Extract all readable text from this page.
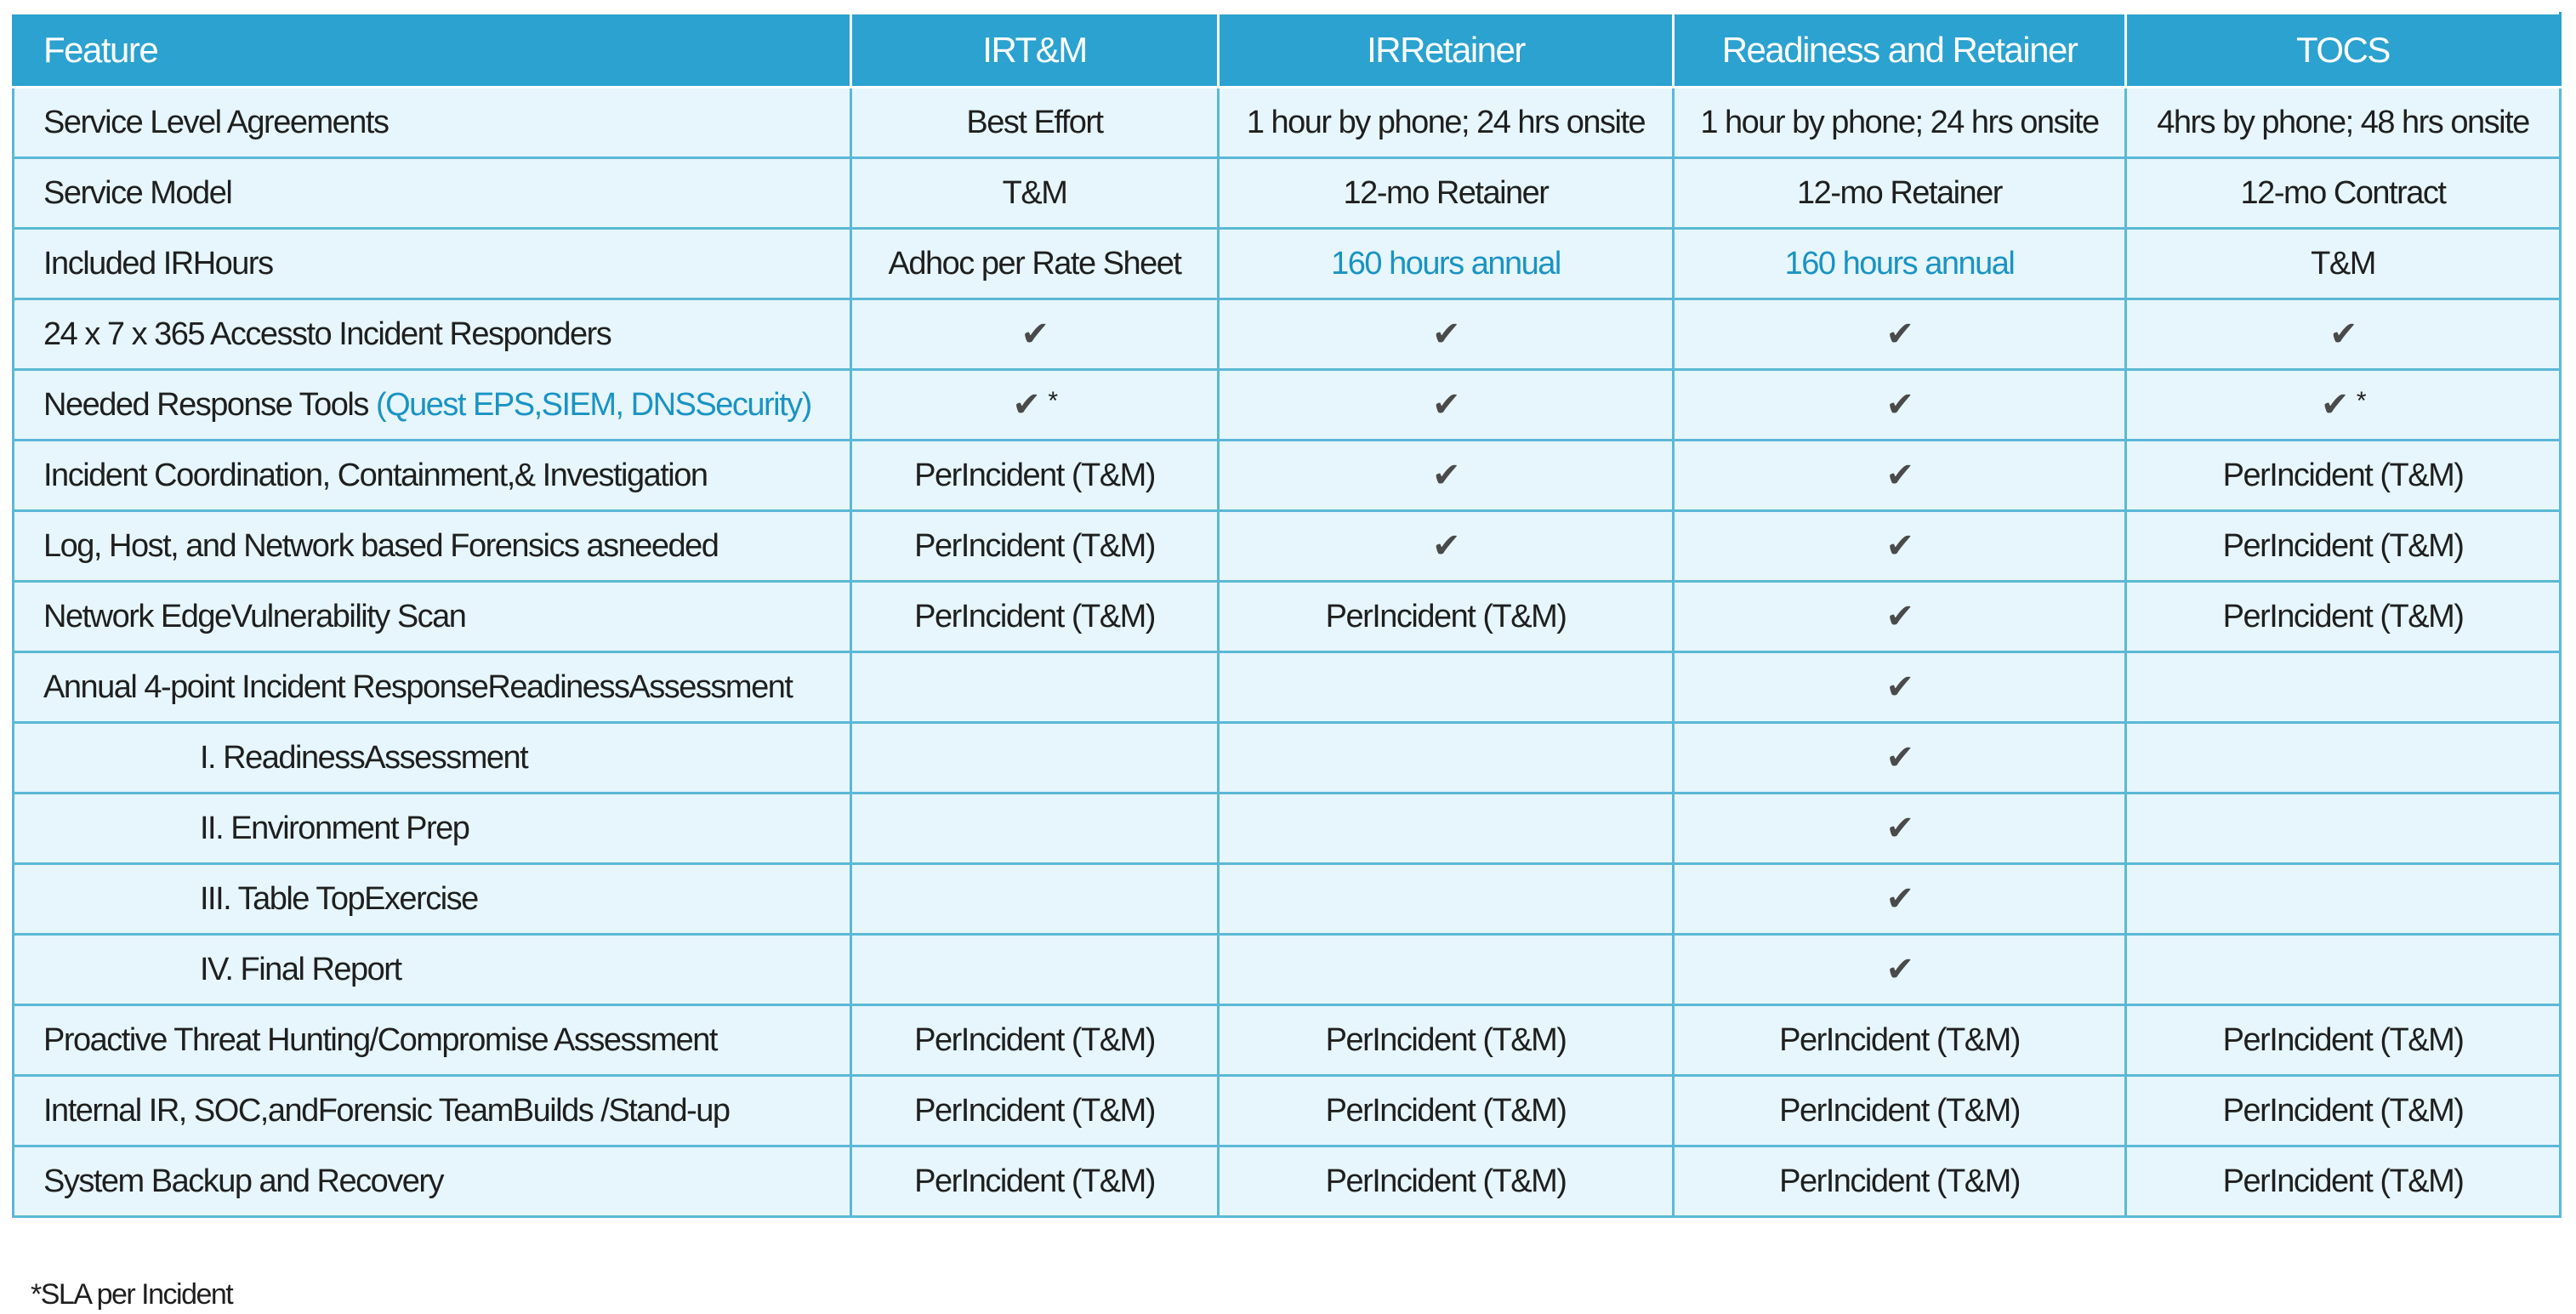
Feature	IRT&M	IRRetainer	Readiness and Retainer	TOCS
Service Level Agreements	Best Effort	1 hour by phone; 24 hrs onsite	1 hour by phone; 24 hrs onsite	4hrs by phone; 48 hrs onsite
Service Model	T&M	12-mo Retainer	12-mo Retainer	12-mo Contract
Included IRHours	Adhoc per Rate Sheet	160 hours annual	160 hours annual	T&M
24 x 7 x 365 Accessto Incident Responders	✔	✔	✔	✔
Needed Response Tools (Quest EPS,SIEM, DNSSecurity)	✔ *	✔	✔	✔ *
Incident Coordination, Containment,& Investigation	PerIncident (T&M)	✔	✔	PerIncident (T&M)
Log, Host, and Network based Forensics asneeded	PerIncident (T&M)	✔	✔	PerIncident (T&M)
Network EdgeVulnerability Scan	PerIncident (T&M)	PerIncident (T&M)	✔	PerIncident (T&M)
Annual 4-point Incident ResponseReadinessAssessment			✔	
I. ReadinessAssessment			✔	
II. Environment Prep			✔	
III. Table TopExercise			✔	
IV. Final Report			✔	
Proactive Threat Hunting/Compromise Assessment	PerIncident (T&M)	PerIncident (T&M)	PerIncident (T&M)	PerIncident (T&M)
Internal IR, SOC,andForensic TeamBuilds /Stand-up	PerIncident (T&M)	PerIncident (T&M)	PerIncident (T&M)	PerIncident (T&M)
System Backup and Recovery	PerIncident (T&M)	PerIncident (T&M)	PerIncident (T&M)	PerIncident (T&M)
*SLA per Incident
